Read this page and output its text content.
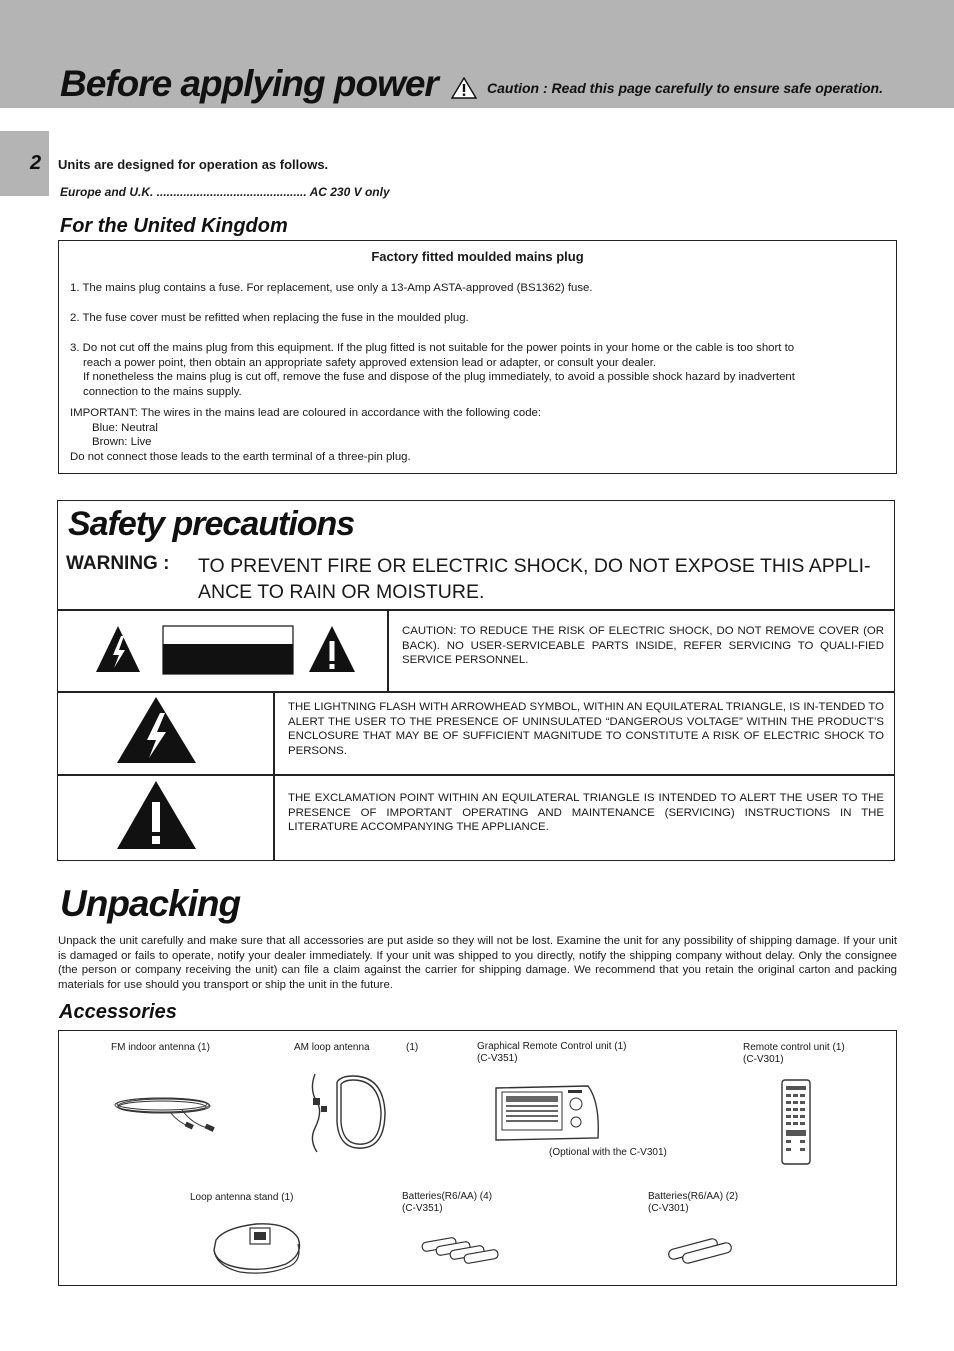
Before applying power	Caution : Read this page carefully to ensure safe operation.
2 Units are designed for operation as follows.
Europe and U.K. ............................................. AC 230 V only
For the United Kingdom
Factory fitted moulded mains plug
1. The mains plug contains a fuse. For replacement, use only a 13-Amp ASTA-approved (BS1362) fuse.
2. The fuse cover must be refitted when replacing the fuse in the moulded plug.
3. Do not cut off the mains plug from this equipment. If the plug fitted is not suitable for the power points in your home or the cable is too short to
reach a power point, then obtain an appropriate safety approved extension lead or adapter, or consult your dealer.
If nonetheless the mains plug is cut off, remove the fuse and dispose of the plug immediately, to avoid a possible shock hazard by inadvertent
connection to the mains supply.
IMPORTANT: The wires in the mains lead are coloured in accordance with the following code:
Blue: Neutral
Brown: Live
Do not connect those leads to the earth terminal of a three-pin plug.
Safety precautions
WARNING : TO PREVENT FIRE OR ELECTRIC SHOCK, DO NOT EXPOSE THIS APPLI-ANCE TO RAIN OR MOISTURE.
CAUTION: TO REDUCE THE RISK OF ELECTRIC SHOCK, DO NOT REMOVE COVER (OR BACK). NO USER-SERVICEABLE PARTS INSIDE, REFER SERVICING TO QUALI-FIED SERVICE PERSONNEL.
THE LIGHTNING FLASH WITH ARROWHEAD SYMBOL, WITHIN AN EQUILATERAL TRIANGLE, IS IN-TENDED TO ALERT THE USER TO THE PRESENCE OF UNINSULATED “DANGEROUS VOLTAGE” WITHIN THE PRODUCT’S ENCLOSURE THAT MAY BE OF SUFFICIENT MAGNITUDE TO CONSTITUTE A RISK OF ELECTRIC SHOCK TO PERSONS.
THE EXCLAMATION POINT WITHIN AN EQUILATERAL TRIANGLE IS INTENDED TO ALERT THE USER TO THE PRESENCE OF IMPORTANT OPERATING AND MAINTENANCE (SERVICING) INSTRUCTIONS IN THE LITERATURE ACCOMPANYING THE APPLIANCE.
Unpacking
Unpack the unit carefully and make sure that all accessories are put aside so they will not be lost. Examine the unit for any possibility of shipping damage. If your unit is damaged or fails to operate, notify your dealer immediately. If your unit was shipped to you directly, notify the shipping company without delay. Only the consignee (the person or company receiving the unit) can file a claim against the carrier for shipping damage. We recommend that you retain the original carton and packing materials for use should you transport or ship the unit in the future.
Accessories
FM indoor antenna (1)	AM loop antenna	(1)	Graphical Remote Control unit (1)
(C-V351)
Remote control unit (1)
(C-V301)
(Optional with the C-V301)
Loop antenna stand (1)	Batteries(R6/AA) (4)
(C-V351)
Batteries(R6/AA) (2)
(C-V301)
